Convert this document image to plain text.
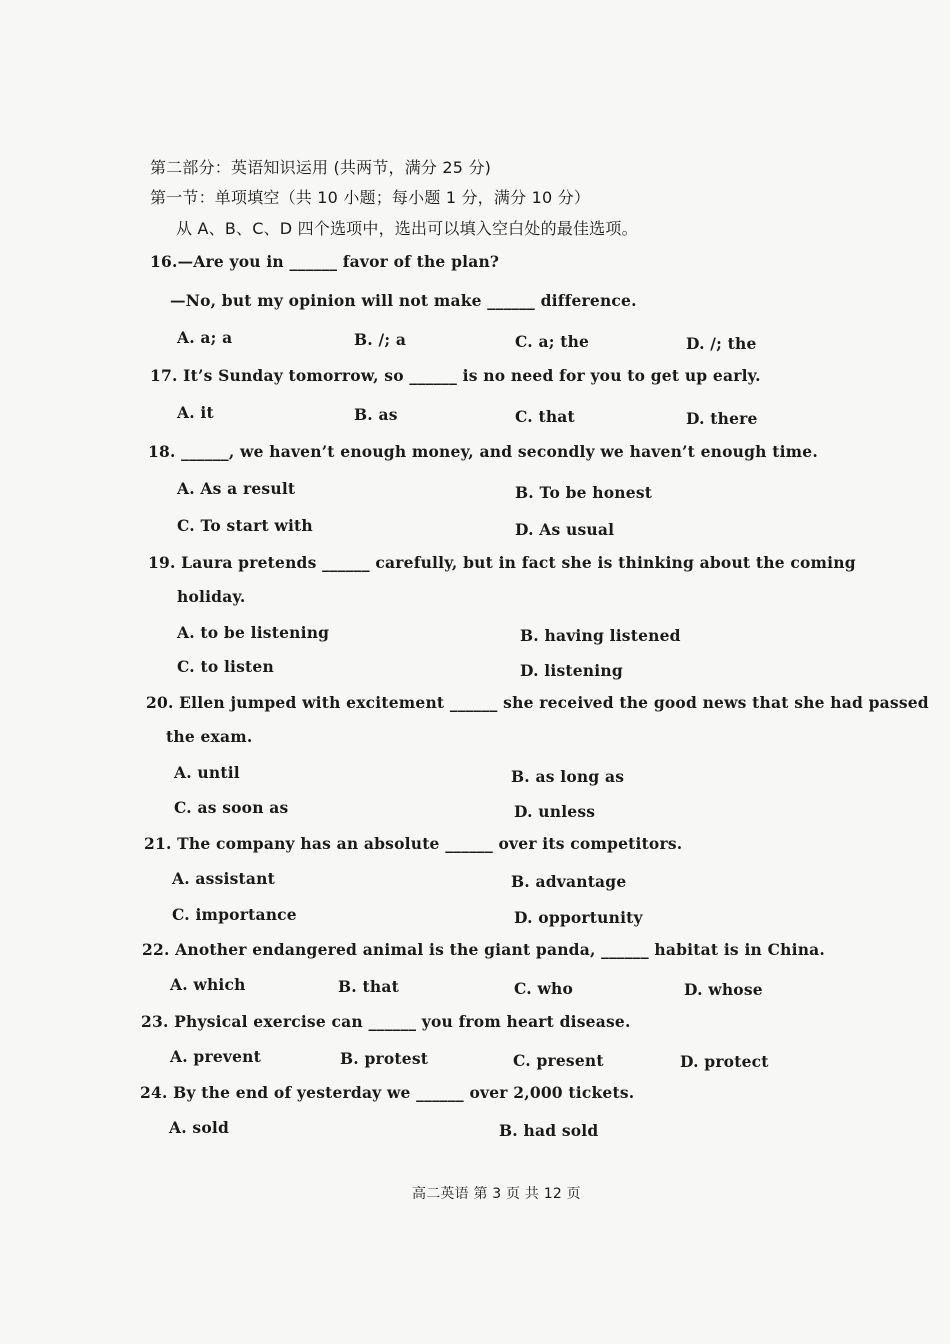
第二部分：英语知识运用 (共两节，满分 25 分)
第一节：单项填空（共 10 小题；每小题 1 分，满分 10 分）
从 A、B、C、D 四个选项中，选出可以填入空白处的最佳选项。
16.—Are you in ______ favor of the plan?
—No, but my opinion will not make ______ difference.
A. a; a	B. /; a	C. a; the	D. /; the
17. It’s Sunday tomorrow, so ______ is no need for you to get up early.
A. it	B. as	C. that	D. there
18. ______, we haven’t enough money, and secondly we haven’t enough time.
A. As a result	B. To be honest
C. To start with	D. As usual
19. Laura pretends ______ carefully, but in fact she is thinking about the coming
holiday.
A. to be listening	B. having listened
C. to listen	D. listening
20. Ellen jumped with excitement ______ she received the good news that she had passed
the exam.
A. until	B. as long as
C. as soon as	D. unless
21. The company has an absolute ______ over its competitors.
A. assistant	B. advantage
C. importance	D. opportunity
22. Another endangered animal is the giant panda, ______ habitat is in China.
A. which	B. that	C. who	D. whose
23. Physical exercise can ______ you from heart disease.
A. prevent	B. protest	C. present	D. protect
24. By the end of yesterday we ______ over 2,000 tickets.
A. sold	B. had sold
高二英语 第 3 页 共 12 页
